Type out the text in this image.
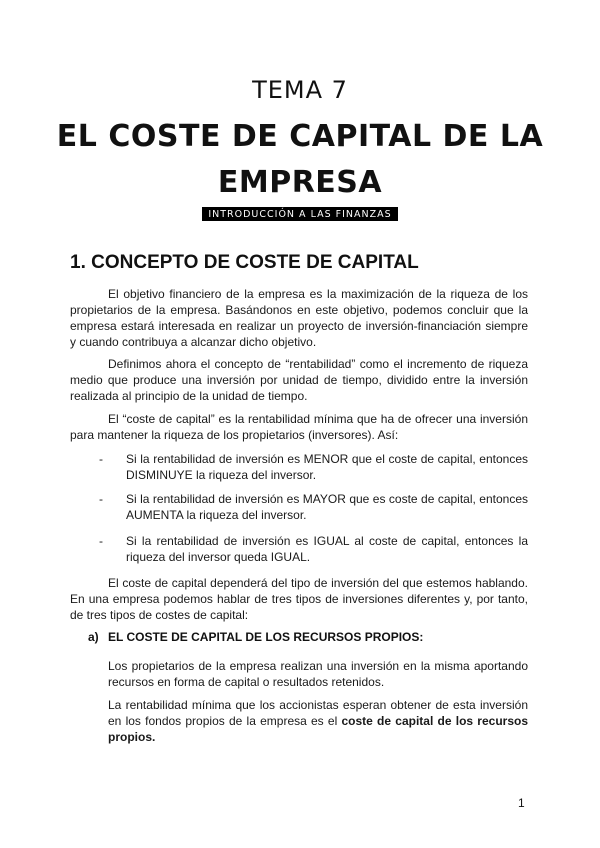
TEMA 7
EL COSTE DE CAPITAL DE LA
EMPRESA
INTRODUCCIÓN A LAS FINANZAS
1. CONCEPTO DE COSTE DE CAPITAL
El objetivo financiero de la empresa es la maximización de la riqueza de los propietarios de la empresa. Basándonos en este objetivo, podemos concluir que la empresa estará interesada en realizar un proyecto de inversión-financiación siempre y cuando contribuya a alcanzar dicho objetivo.
Definimos ahora el concepto de “rentabilidad” como el incremento de riqueza medio que produce una inversión por unidad de tiempo, dividido entre la inversión realizada al principio de la unidad de tiempo.
El “coste de capital” es la rentabilidad mínima que ha de ofrecer una inversión para mantener la riqueza de los propietarios (inversores). Así:
- Si la rentabilidad de inversión es MENOR que el coste de capital, entonces DISMINUYE la riqueza del inversor.
- Si la rentabilidad de inversión es MAYOR que es coste de capital, entonces AUMENTA la riqueza del inversor.
- Si la rentabilidad de inversión es IGUAL al coste de capital, entonces la riqueza del inversor queda IGUAL.
El coste de capital dependerá del tipo de inversión del que estemos hablando. En una empresa podemos hablar de tres tipos de inversiones diferentes y, por tanto, de tres tipos de costes de capital:
a) EL COSTE DE CAPITAL DE LOS RECURSOS PROPIOS:
Los propietarios de la empresa realizan una inversión en la misma aportando recursos en forma de capital o resultados retenidos.
La rentabilidad mínima que los accionistas esperan obtener de esta inversión en los fondos propios de la empresa es el coste de capital de los recursos propios.
1
